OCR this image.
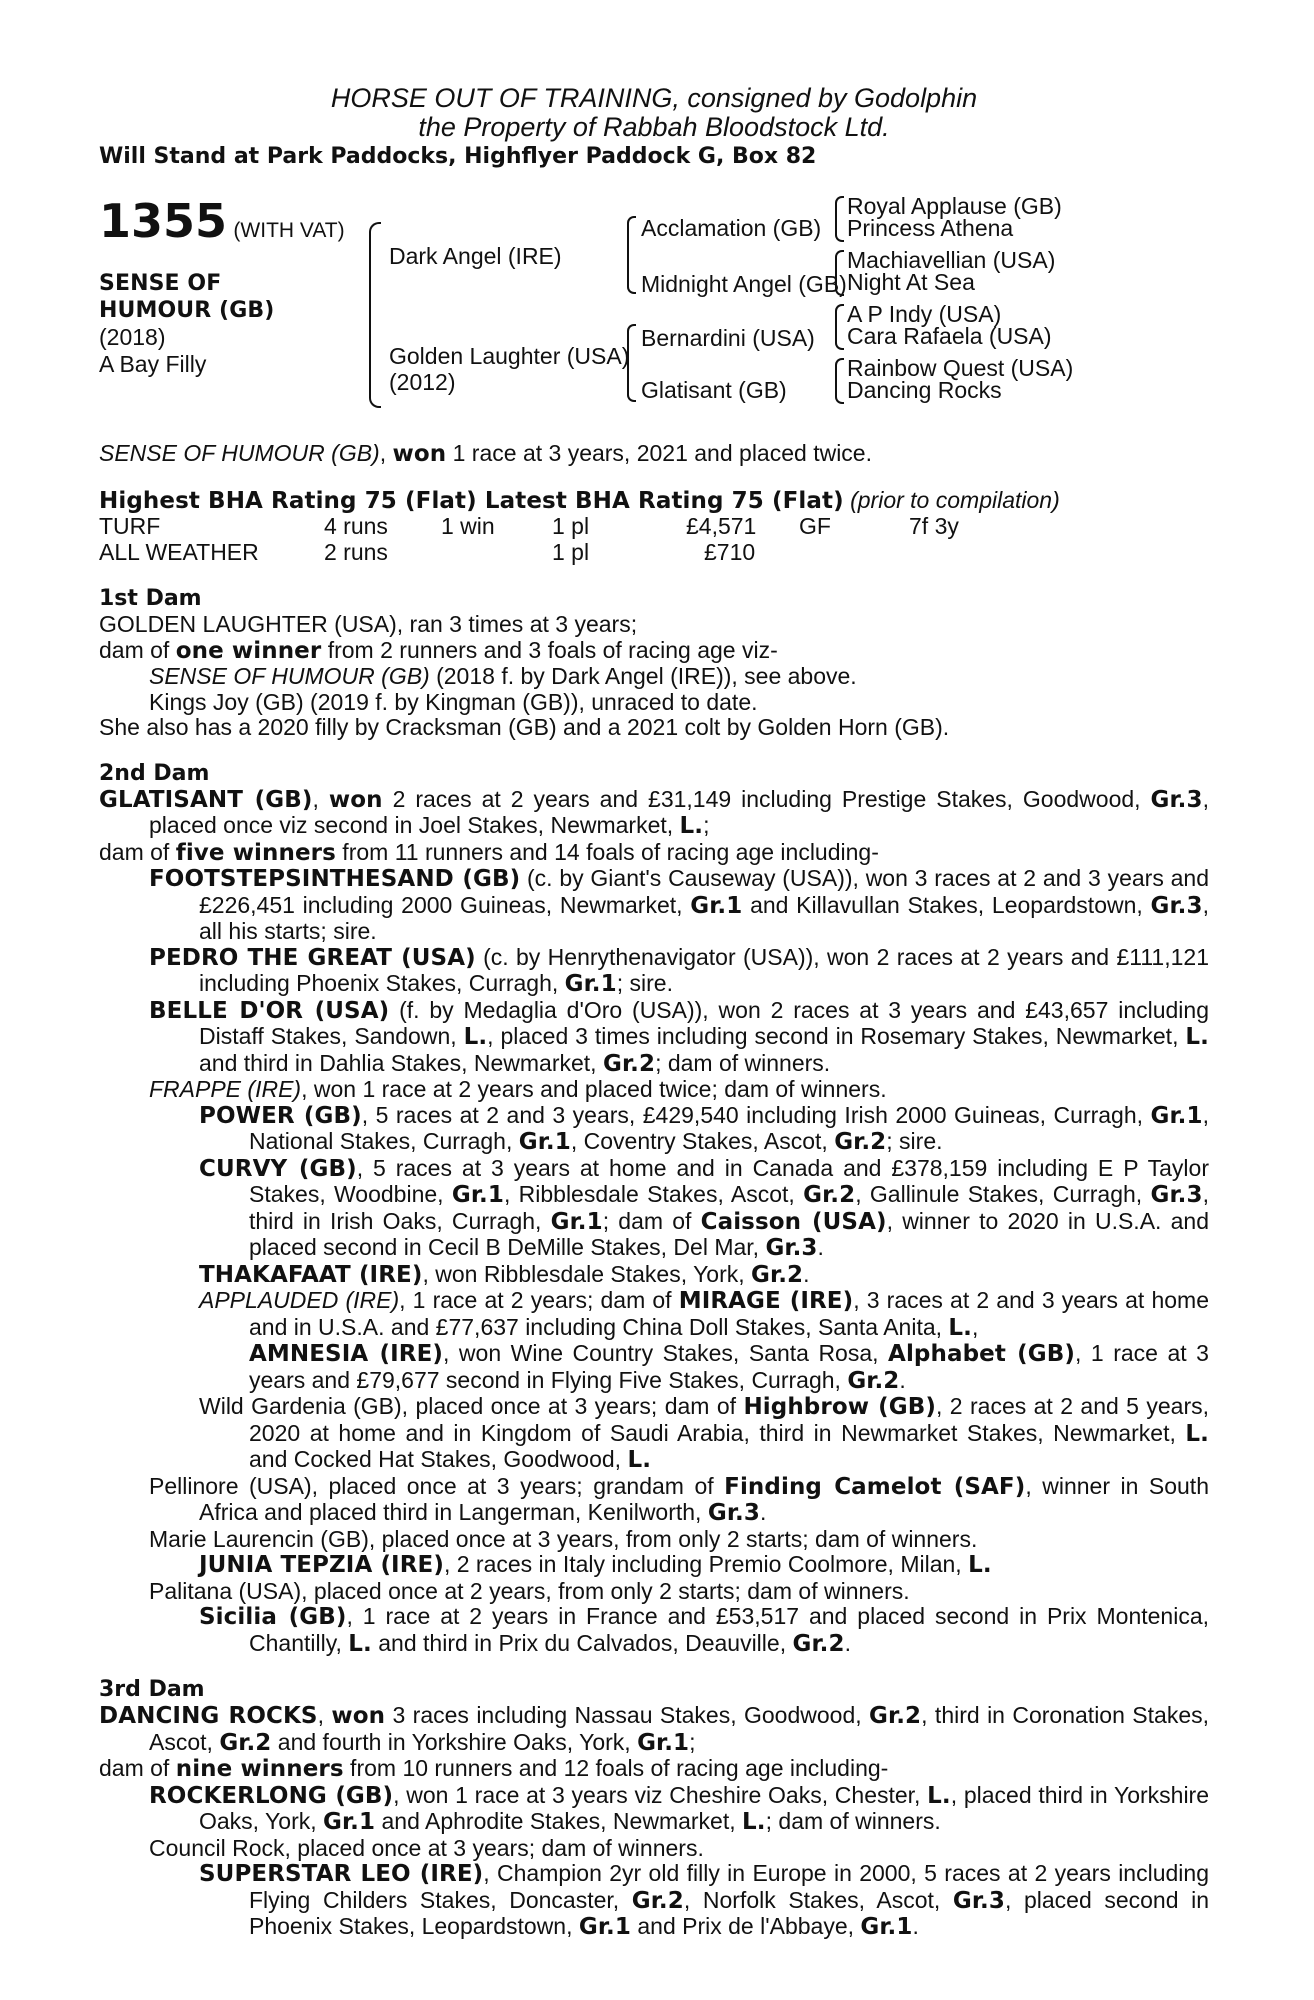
HORSE OUT OF TRAINING, consigned by Godolphin

the Property of Rabbah Bloodstock Ltd.

Will Stand at Park Paddocks, Highflyer Paddock G, Box 82

1355 (WITH VAT)
SENSE OF
HUMOUR (GB)
(2018)
A Bay Filly
Dark Angel (IRE)
Golden Laughter (USA)
(2012)
Acclamation (GB)
Midnight Angel (GB)
Bernardini (USA)
Glatisant (GB)
Royal Applause (GB)
Princess Athena
Machiavellian (USA)
Night At Sea
A P Indy (USA)
Cara Rafaela (USA)
Rainbow Quest (USA)
Dancing Rocks

SENSE OF HUMOUR (GB), won 1 race at 3 years, 2021 and placed twice.

Highest BHA Rating 75 (Flat) Latest BHA Rating 75 (Flat) (prior to compilation)

TURF	4 runs 1 win 1 pl	£4,571 GF	7f 3y
ALL WEATHER	2 runs	1 pl	£710

1st Dam

GOLDEN LAUGHTER (USA), ran 3 times at 3 years;

dam of one winner from 2 runners and 3 foals of racing age viz-

SENSE OF HUMOUR (GB) (2018 f. by Dark Angel (IRE)), see above.

Kings Joy (GB) (2019 f. by Kingman (GB)), unraced to date.

She also has a 2020 filly by Cracksman (GB) and a 2021 colt by Golden Horn (GB).

2nd Dam

GLATISANT (GB), won 2 races at 2 years and £31,149 including Prestige Stakes, Goodwood, Gr.3, placed once viz second in Joel Stakes, Newmarket, L.;

dam of five winners from 11 runners and 14 foals of racing age including-

FOOTSTEPSINTHESAND (GB) (c. by Giant's Causeway (USA)), won 3 races at 2 and 3 years and £226,451 including 2000 Guineas, Newmarket, Gr.1 and Killavullan Stakes, Leopardstown, Gr.3, all his starts; sire.

PEDRO THE GREAT (USA) (c. by Henrythenavigator (USA)), won 2 races at 2 years and £111,121 including Phoenix Stakes, Curragh, Gr.1; sire.

BELLE D'OR (USA) (f. by Medaglia d'Oro (USA)), won 2 races at 3 years and £43,657 including Distaff Stakes, Sandown, L., placed 3 times including second in Rosemary Stakes, Newmarket, L. and third in Dahlia Stakes, Newmarket, Gr.2; dam of winners.

FRAPPE (IRE), won 1 race at 2 years and placed twice; dam of winners.

POWER (GB), 5 races at 2 and 3 years, £429,540 including Irish 2000 Guineas, Curragh, Gr.1, National Stakes, Curragh, Gr.1, Coventry Stakes, Ascot, Gr.2; sire.

CURVY (GB), 5 races at 3 years at home and in Canada and £378,159 including E P Taylor Stakes, Woodbine, Gr.1, Ribblesdale Stakes, Ascot, Gr.2, Gallinule Stakes, Curragh, Gr.3, third in Irish Oaks, Curragh, Gr.1; dam of Caisson (USA), winner to 2020 in U.S.A. and placed second in Cecil B DeMille Stakes, Del Mar, Gr.3.

THAKAFAAT (IRE), won Ribblesdale Stakes, York, Gr.2.

APPLAUDED (IRE), 1 race at 2 years; dam of MIRAGE (IRE), 3 races at 2 and 3 years at home and in U.S.A. and £77,637 including China Doll Stakes, Santa Anita, L.,

AMNESIA (IRE), won Wine Country Stakes, Santa Rosa, Alphabet (GB), 1 race at 3 years and £79,677 second in Flying Five Stakes, Curragh, Gr.2.

Wild Gardenia (GB), placed once at 3 years; dam of Highbrow (GB), 2 races at 2 and 5 years, 2020 at home and in Kingdom of Saudi Arabia, third in Newmarket Stakes, Newmarket, L. and Cocked Hat Stakes, Goodwood, L.

Pellinore (USA), placed once at 3 years; grandam of Finding Camelot (SAF), winner in South Africa and placed third in Langerman, Kenilworth, Gr.3.

Marie Laurencin (GB), placed once at 3 years, from only 2 starts; dam of winners.

JUNIA TEPZIA (IRE), 2 races in Italy including Premio Coolmore, Milan, L.

Palitana (USA), placed once at 2 years, from only 2 starts; dam of winners.

Sicilia (GB), 1 race at 2 years in France and £53,517 and placed second in Prix Montenica, Chantilly, L. and third in Prix du Calvados, Deauville, Gr.2.

3rd Dam

DANCING ROCKS, won 3 races including Nassau Stakes, Goodwood, Gr.2, third in Coronation Stakes, Ascot, Gr.2 and fourth in Yorkshire Oaks, York, Gr.1;

dam of nine winners from 10 runners and 12 foals of racing age including-

ROCKERLONG (GB), won 1 race at 3 years viz Cheshire Oaks, Chester, L., placed third in Yorkshire Oaks, York, Gr.1 and Aphrodite Stakes, Newmarket, L.; dam of winners.

Council Rock, placed once at 3 years; dam of winners.

SUPERSTAR LEO (IRE), Champion 2yr old filly in Europe in 2000, 5 races at 2 years including Flying Childers Stakes, Doncaster, Gr.2, Norfolk Stakes, Ascot, Gr.3, placed second in Phoenix Stakes, Leopardstown, Gr.1 and Prix de l'Abbaye, Gr.1.
